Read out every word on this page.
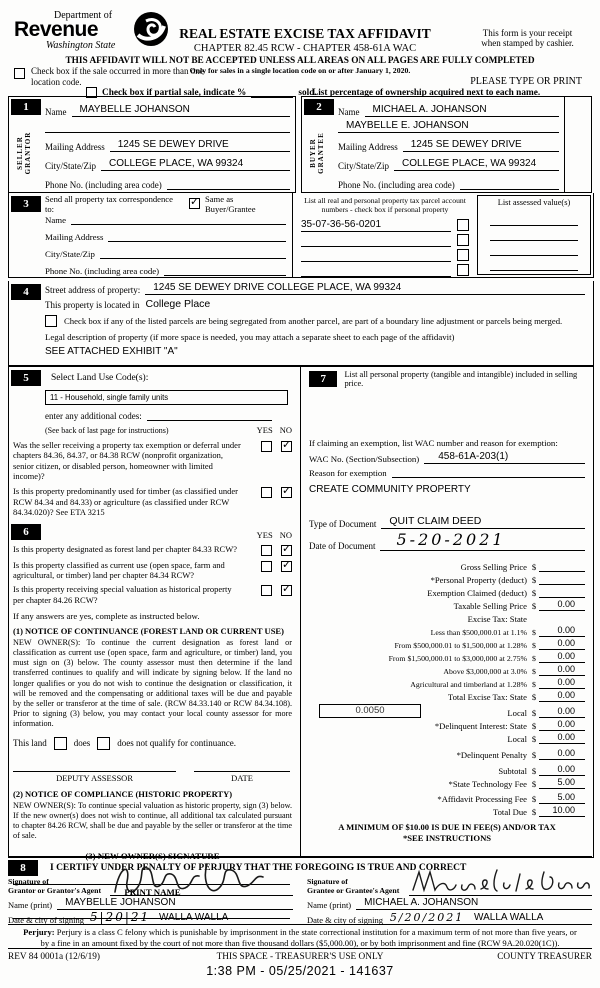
Department of
Revenue
Washington State
REAL ESTATE EXCISE TAX AFFIDAVIT
CHAPTER 82.45 RCW - CHAPTER 458-61A WAC
This form is your receipt
when stamped by cashier.
THIS AFFIDAVIT WILL NOT BE ACCEPTED UNLESS ALL AREAS ON ALL PAGES ARE FULLY COMPLETED
Only for sales in a single location code on or after January 1, 2020.
Check box if the sale occurred in more than one location code.	PLEASE TYPE OR PRINT
Check box if partial sale, indicate %	sold.
List percentage of ownership acquired next to each name.
1
SELLER GRANTOR
Name	MAYBELLE JOHANSON
Mailing Address	1245 SE DEWEY DRIVE
City/State/Zip	COLLEGE PLACE, WA 99324
Phone No. (including area code)
2
BUYER GRANTEE
Name	MICHAEL A. JOHANSON
MAYBELLE E. JOHANSON
Mailing Address	1245 SE DEWEY DRIVE
City/State/Zip	COLLEGE PLACE, WA 99324
Phone No. (including area code)
3	Send all property tax correspondence to:
✓
Same as Buyer/Grantee
Name
Mailing Address
City/State/Zip
Phone No. (including area code)
List all real and personal property tax parcel account numbers - check box if personal property
35-07-36-56-0201
List assessed value(s)
4	Street address of property:	1245 SE DEWEY DRIVE COLLEGE PLACE, WA 99324
This property is located in College Place
Check box if any of the listed parcels are being segregated from another parcel, are part of a boundary line adjustment or parcels being merged.
Legal description of property (if more space is needed, you may attach a separate sheet to each page of the affidavit)
SEE ATTACHED EXHIBIT "A"
5	Select Land Use Code(s):
11 - Household, single family units
enter any additional codes:
(See back of last page for instructions)	YES NO
Was the seller receiving a property tax exemption or deferral under chapters 84.36, 84.37, or 84.38 RCW (nonprofit organization, senior citizen, or disabled person, homeowner with limited income)?
✓
Is this property predominantly used for timber (as classified under RCW 84.34 and 84.33) or agriculture (as classified under RCW 84.34.020)? See ETA 3215
✓
6	YES NO
Is this property designated as forest land per chapter 84.33 RCW?
✓
Is this property classified as current use (open space, farm and agricultural, or timber) land per chapter 84.34 RCW?
✓
Is this property receiving special valuation as historical property per chapter 84.26 RCW?
✓
If any answers are yes, complete as instructed below.
(1) NOTICE OF CONTINUANCE (FOREST LAND OR CURRENT USE)
NEW OWNER(S): To continue the current designation as forest land or classification as current use (open space, farm and agriculture, or timber) land, you must sign on (3) below. The county assessor must then determine if the land transferred continues to qualify and will indicate by signing below. If the land no longer qualifies or you do not wish to continue the designation or classification, it will be removed and the compensating or additional taxes will be due and payable by the seller or transferor at the time of sale. (RCW 84.33.140 or RCW 84.34.108). Prior to signing (3) below, you may contact your local county assessor for more information.
This land	does	does not qualify for continuance.
DEPUTY ASSESSOR	DATE
(2) NOTICE OF COMPLIANCE (HISTORIC PROPERTY)
NEW OWNER(S): To continue special valuation as historic property, sign (3) below. If the new owner(s) does not wish to continue, all additional tax calculated pursuant to chapter 84.26 RCW, shall be due and payable by the seller or transferor at the time of sale.
(3) NEW OWNER(S) SIGNATURE
PRINT NAME
7	List all personal property (tangible and intangible) included in selling price.
If claiming an exemption, list WAC number and reason for exemption:
WAC No. (Section/Subsection)	458-61A-203(1)
Reason for exemption
CREATE COMMUNITY PROPERTY
Type of Document	QUIT CLAIM DEED
Date of Document	5-20-2021
Gross Selling Price $
*Personal Property (deduct) $
Exemption Claimed (deduct) $
Taxable Selling Price $	0.00
Excise Tax: State
Less than $500,000.01 at 1.1% $	0.00
From $500,000.01 to $1,500,000 at 1.28% $	0.00
From $1,500,000.01 to $3,000,000 at 2.75% $	0.00
Above $3,000,000 at 3.0% $	0.00
Agricultural and timberland at 1.28% $	0.00
Total Excise Tax: State $	0.00
0.0050	Local $	0.00
*Delinquent Interest: State $	0.00
Local $	0.00
*Delinquent Penalty $	0.00
Subtotal $	0.00
*State Technology Fee $	5.00
*Affidavit Processing Fee $	5.00
Total Due $	10.00
A MINIMUM OF $10.00 IS DUE IN FEE(S) AND/OR TAX
*SEE INSTRUCTIONS
8	I CERTIFY UNDER PENALTY OF PERJURY THAT THE FOREGOING IS TRUE AND CORRECT
Signature of
Grantor or Grantor's Agent
Name (print)	MAYBELLE JOHANSON
Date & city of signing 5|20|21 WALLA WALLA
Signature of
Grantee or Grantee's Agent
Name (print)	MICHAEL A. JOHANSON
Date & city of signing 5/20/2021 WALLA WALLA
Perjury: Perjury is a class C felony which is punishable by imprisonment in the state correctional institution for a maximum term of not more than five years, or by a fine in an amount fixed by the court of not more than five thousand dollars ($5,000.00), or by both imprisonment and fine (RCW 9A.20.020(1C)).
REV 84 0001a (12/6/19)	THIS SPACE - TREASURER'S USE ONLY	COUNTY TREASURER
1:38 PM - 05/25/2021 - 141637
